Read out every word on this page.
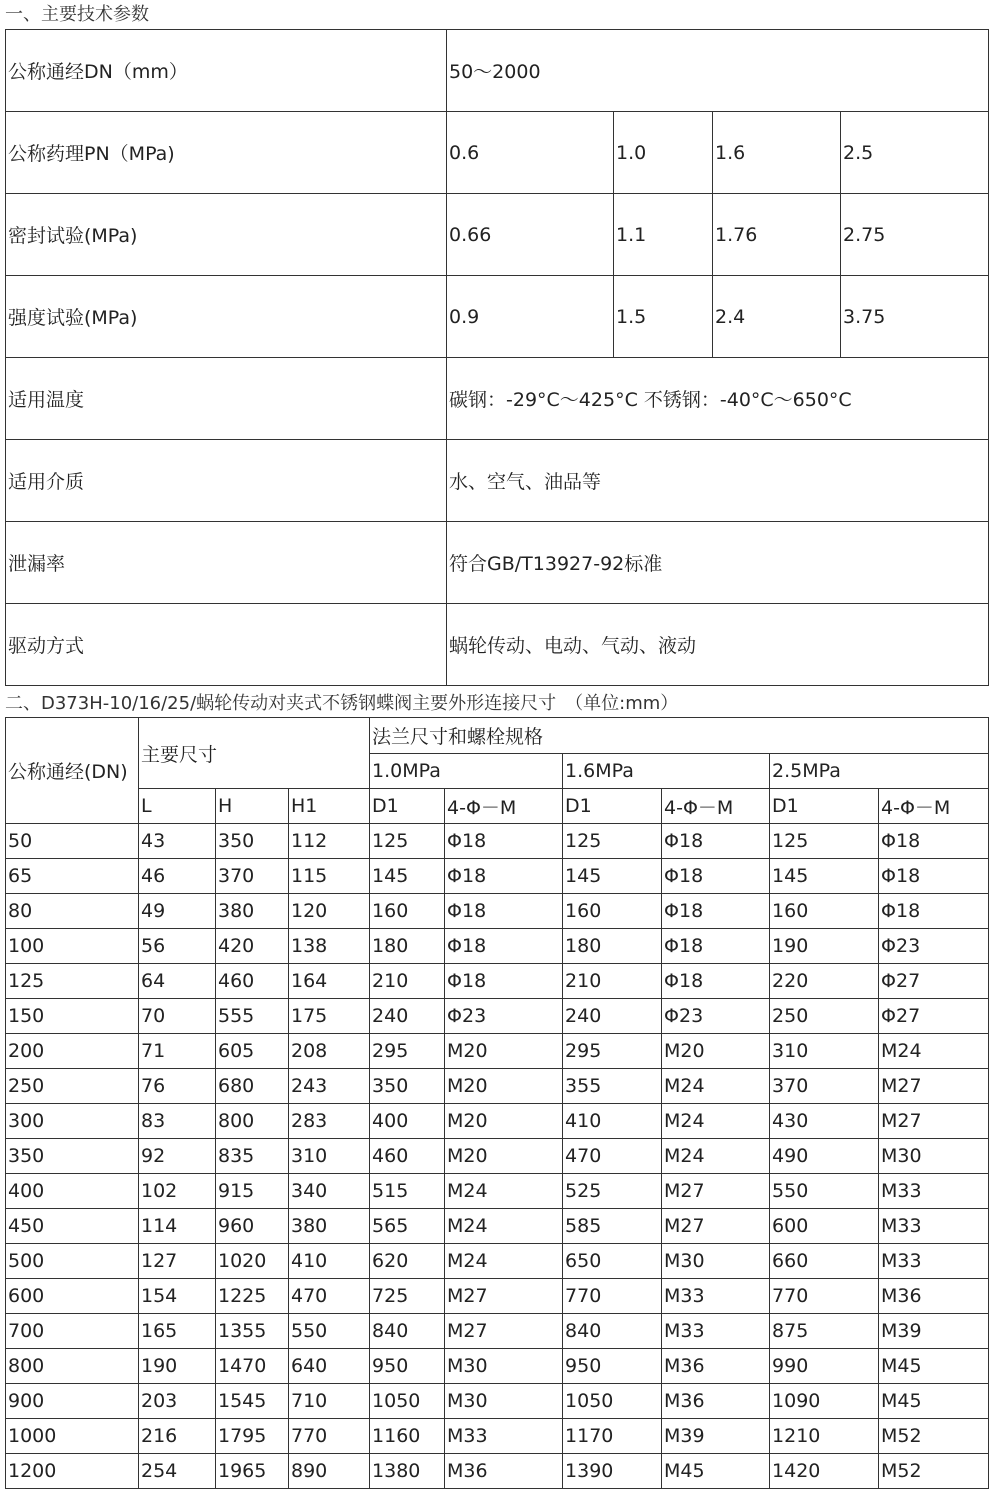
一、主要技术参数
公称通经DN（mm）	50～2000			
公称药理PN（MPa)	0.6	1.0	1.6	2.5
密封试验(MPa)	0.66	1.1	1.76	2.75
强度试验(MPa)	0.9	1.5	2.4	3.75
适用温度	碳钢：-29°C～425°C 不锈钢：-40°C～650°C			
适用介质	水、空气、油品等			
泄漏率	符合GB/T13927-92标准			
驱动方式	蜗轮传动、电动、气动、液动			
二、D373H-10/16/25/蜗轮传动对夹式不锈钢蝶阀主要外形连接尺寸　（单位:mm）
公称通经(DN)	主要尺寸			法兰尺寸和螺栓规格					
				1.0MPa		1.6MPa		2.5MPa	
	L	H	H1	D1	4-Φ－M	D1	4-Φ－M	D1	4-Φ－M
50	43	350	112	125	Φ18	125	Φ18	125	Φ18
65	46	370	115	145	Φ18	145	Φ18	145	Φ18
80	49	380	120	160	Φ18	160	Φ18	160	Φ18
100	56	420	138	180	Φ18	180	Φ18	190	Φ23
125	64	460	164	210	Φ18	210	Φ18	220	Φ27
150	70	555	175	240	Φ23	240	Φ23	250	Φ27
200	71	605	208	295	M20	295	M20	310	M24
250	76	680	243	350	M20	355	M24	370	M27
300	83	800	283	400	M20	410	M24	430	M27
350	92	835	310	460	M20	470	M24	490	M30
400	102	915	340	515	M24	525	M27	550	M33
450	114	960	380	565	M24	585	M27	600	M33
500	127	1020	410	620	M24	650	M30	660	M33
600	154	1225	470	725	M27	770	M33	770	M36
700	165	1355	550	840	M27	840	M33	875	M39
800	190	1470	640	950	M30	950	M36	990	M45
900	203	1545	710	1050	M30	1050	M36	1090	M45
1000	216	1795	770	1160	M33	1170	M39	1210	M52
1200	254	1965	890	1380	M36	1390	M45	1420	M52
